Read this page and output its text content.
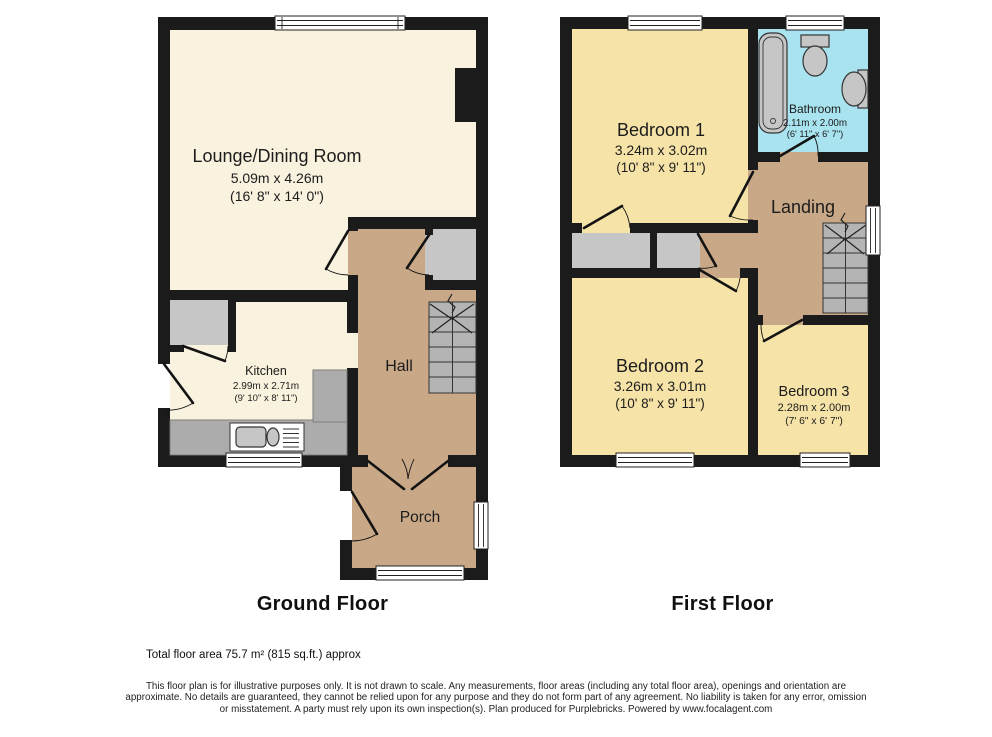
Lounge/Dining Room
5.09m x 4.26m
(16' 8" x 14' 0")
Kitchen
2.99m x 2.71m
(9' 10" x 8' 11")
Hall
Porch
Bedroom 1
3.24m x 3.02m
(10' 8" x 9' 11")
Bathroom
2.11m x 2.00m
(6' 11" x 6' 7")
Landing
Bedroom 2
3.26m x 3.01m
(10' 8" x 9' 11")
Bedroom 3
2.28m x 2.00m
(7' 6" x 6' 7")
Ground Floor	First Floor
Total floor area 75.7 m² (815 sq.ft.) approx
This floor plan is for illustrative purposes only. It is not drawn to scale. Any measurements, floor areas (including any total floor area), openings and orientation are
approximate. No details are guaranteed, they cannot be relied upon for any purpose and they do not form part of any agreement. No liability is taken for any error, omission
or misstatement. A party must rely upon its own inspection(s). Plan produced for Purplebricks. Powered by www.focalagent.com
